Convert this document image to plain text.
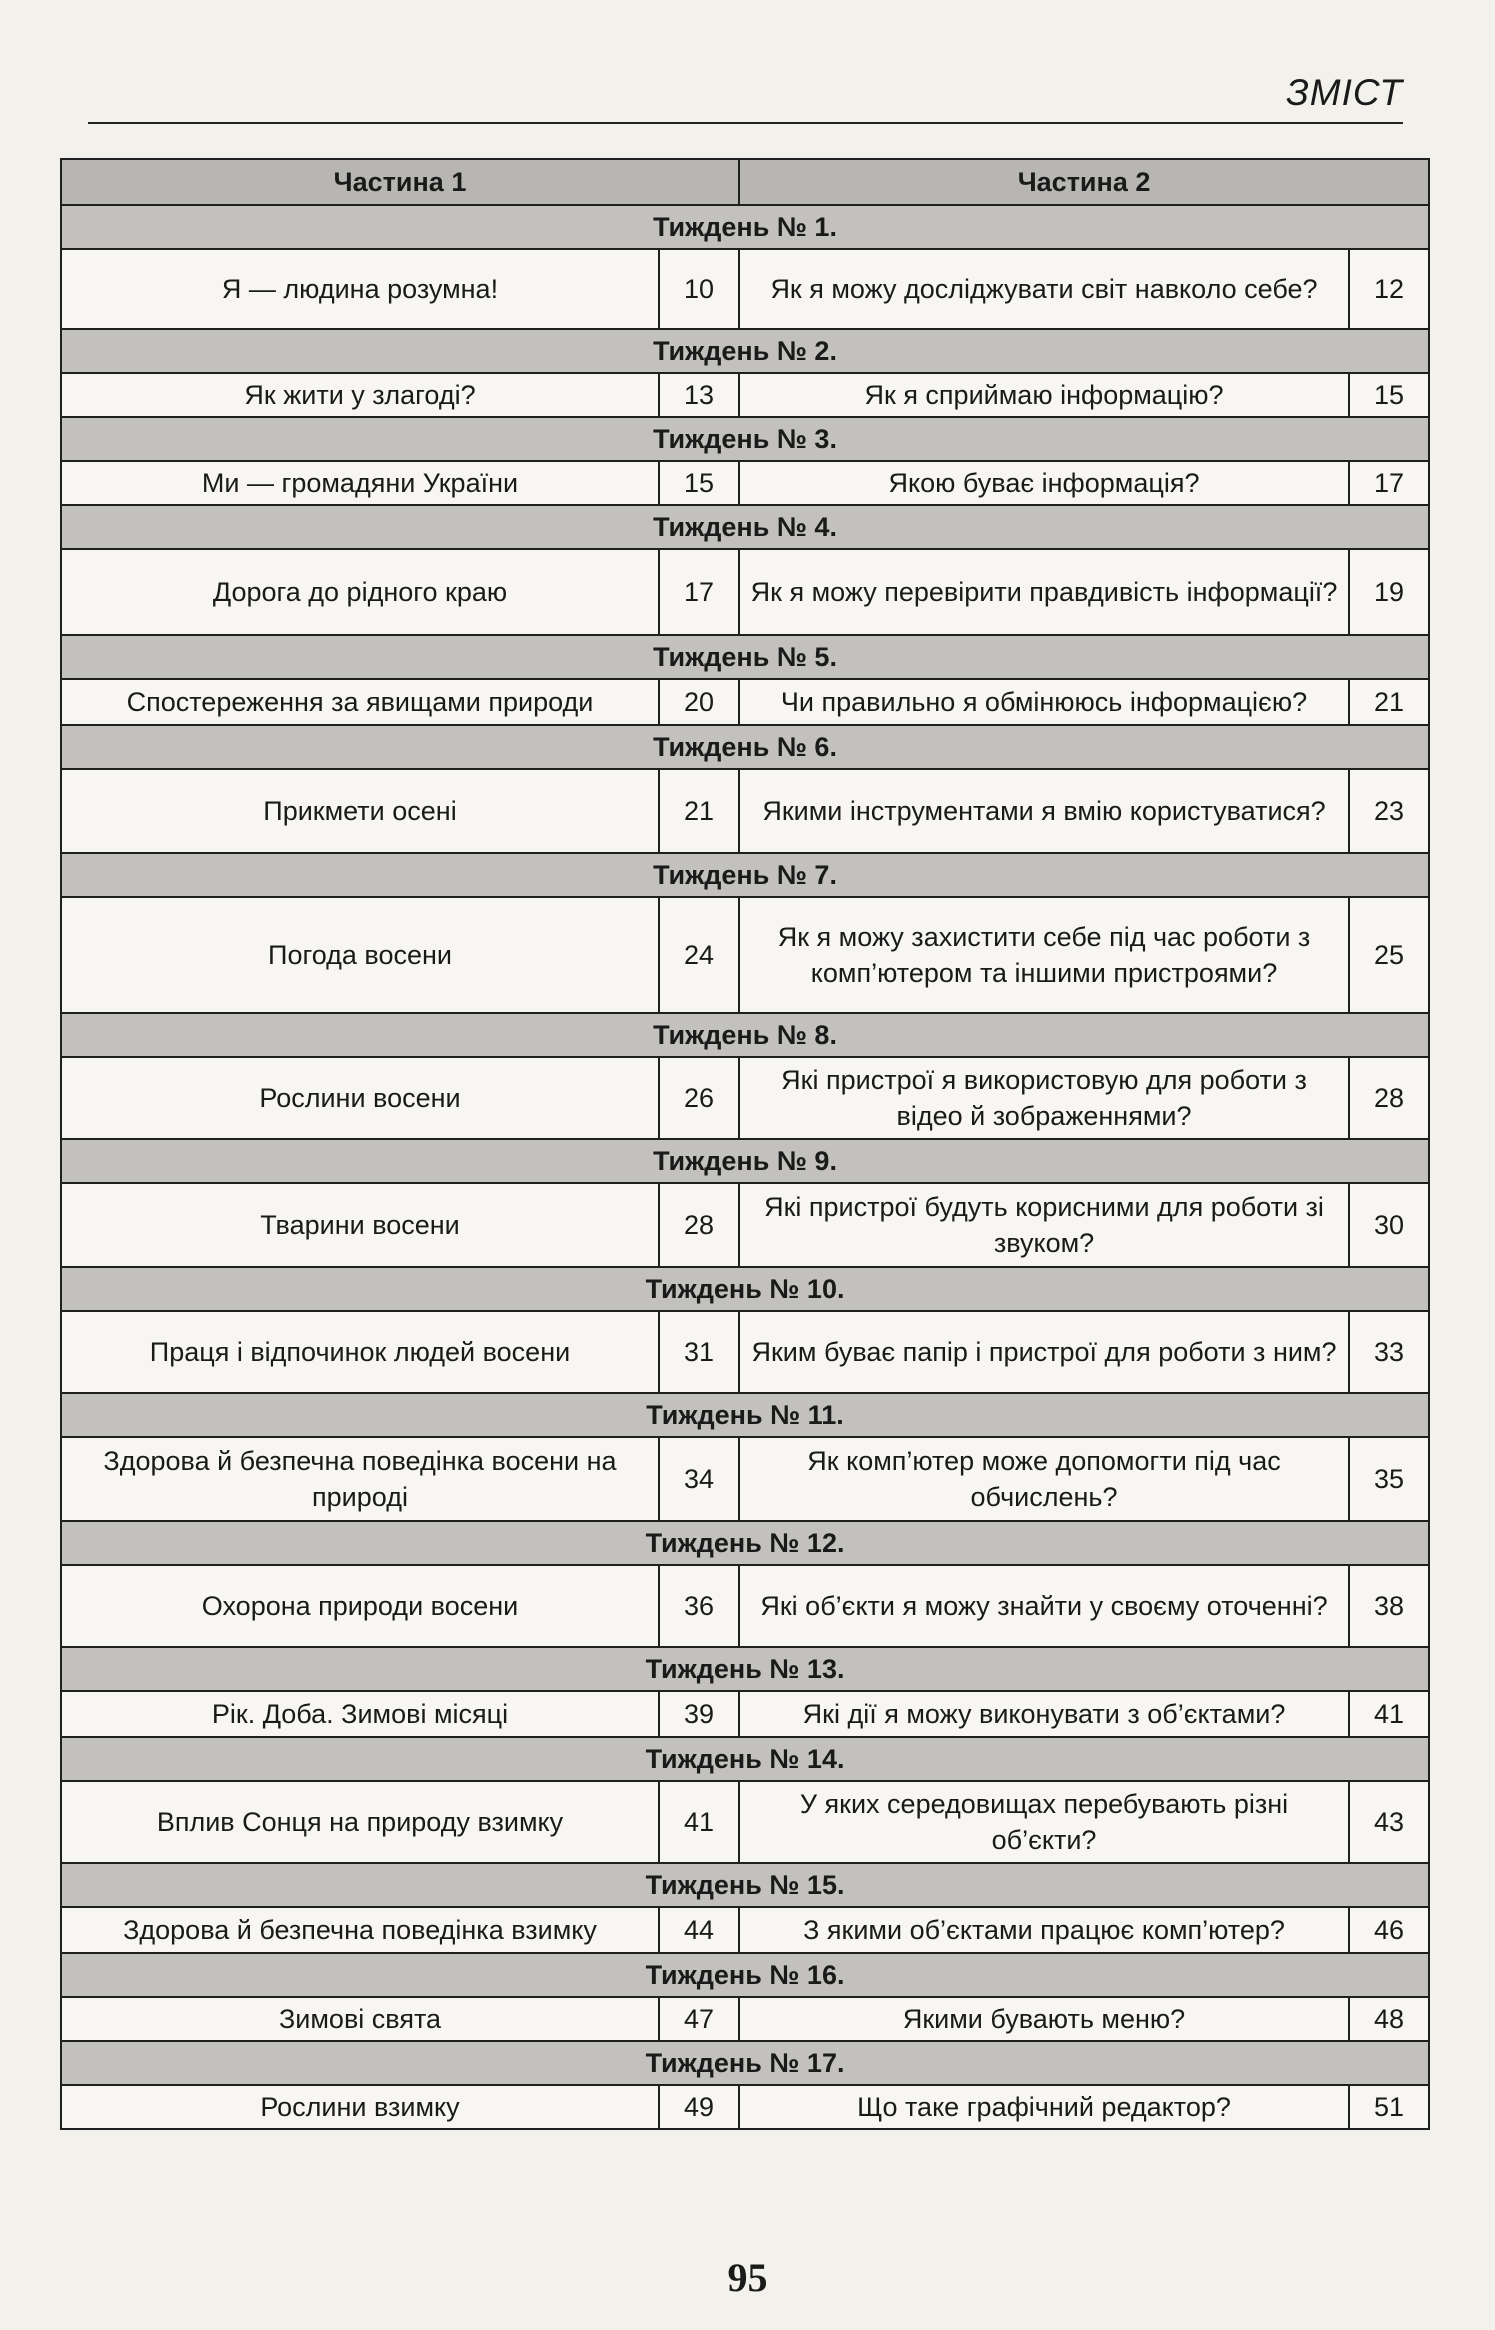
ЗМІСТ
Частина 1		Частина 2	
Тиждень № 1.			
Я — людина розумна!	10	Як я можу досліджувати світ навколо себе?	12
Тиждень № 2.			
Як жити у злагоді?	13	Як я сприймаю інформацію?	15
Тиждень № 3.			
Ми — громадяни України	15	Якою буває інформація?	17
Тиждень № 4.			
Дорога до рідного краю	17	Як я можу перевірити правдивість інформації?	19
Тиждень № 5.			
Спостереження за явищами природи	20	Чи правильно я обмінююсь інформацією?	21
Тиждень № 6.			
Прикмети осені	21	Якими інструментами я вмію користуватися?	23
Тиждень № 7.			
Погода восени	24	Як я можу захистити себе під час роботи з комп’ютером та іншими пристроями?	25
Тиждень № 8.			
Рослини восени	26	Які пристрої я використовую для роботи з відео й зображеннями?	28
Тиждень № 9.			
Тварини восени	28	Які пристрої будуть корисними для роботи зі звуком?	30
Тиждень № 10.			
Праця і відпочинок людей восени	31	Яким буває папір і пристрої для роботи з ним?	33
Тиждень № 11.			
Здорова й безпечна поведінка восени на природі	34	Як комп’ютер може допомогти під час обчислень?	35
Тиждень № 12.			
Охорона природи восени	36	Які об’єкти я можу знайти у своєму оточенні?	38
Тиждень № 13.			
Рік. Доба. Зимові місяці	39	Які дії я можу виконувати з об’єктами?	41
Тиждень № 14.			
Вплив Сонця на природу взимку	41	У яких середовищах перебувають різні об’єкти?	43
Тиждень № 15.			
Здорова й безпечна поведінка взимку	44	З якими об’єктами працює комп’ютер?	46
Тиждень № 16.			
Зимові свята	47	Якими бувають меню?	48
Тиждень № 17.			
Рослини взимку	49	Що таке графічний редактор?	51
95
